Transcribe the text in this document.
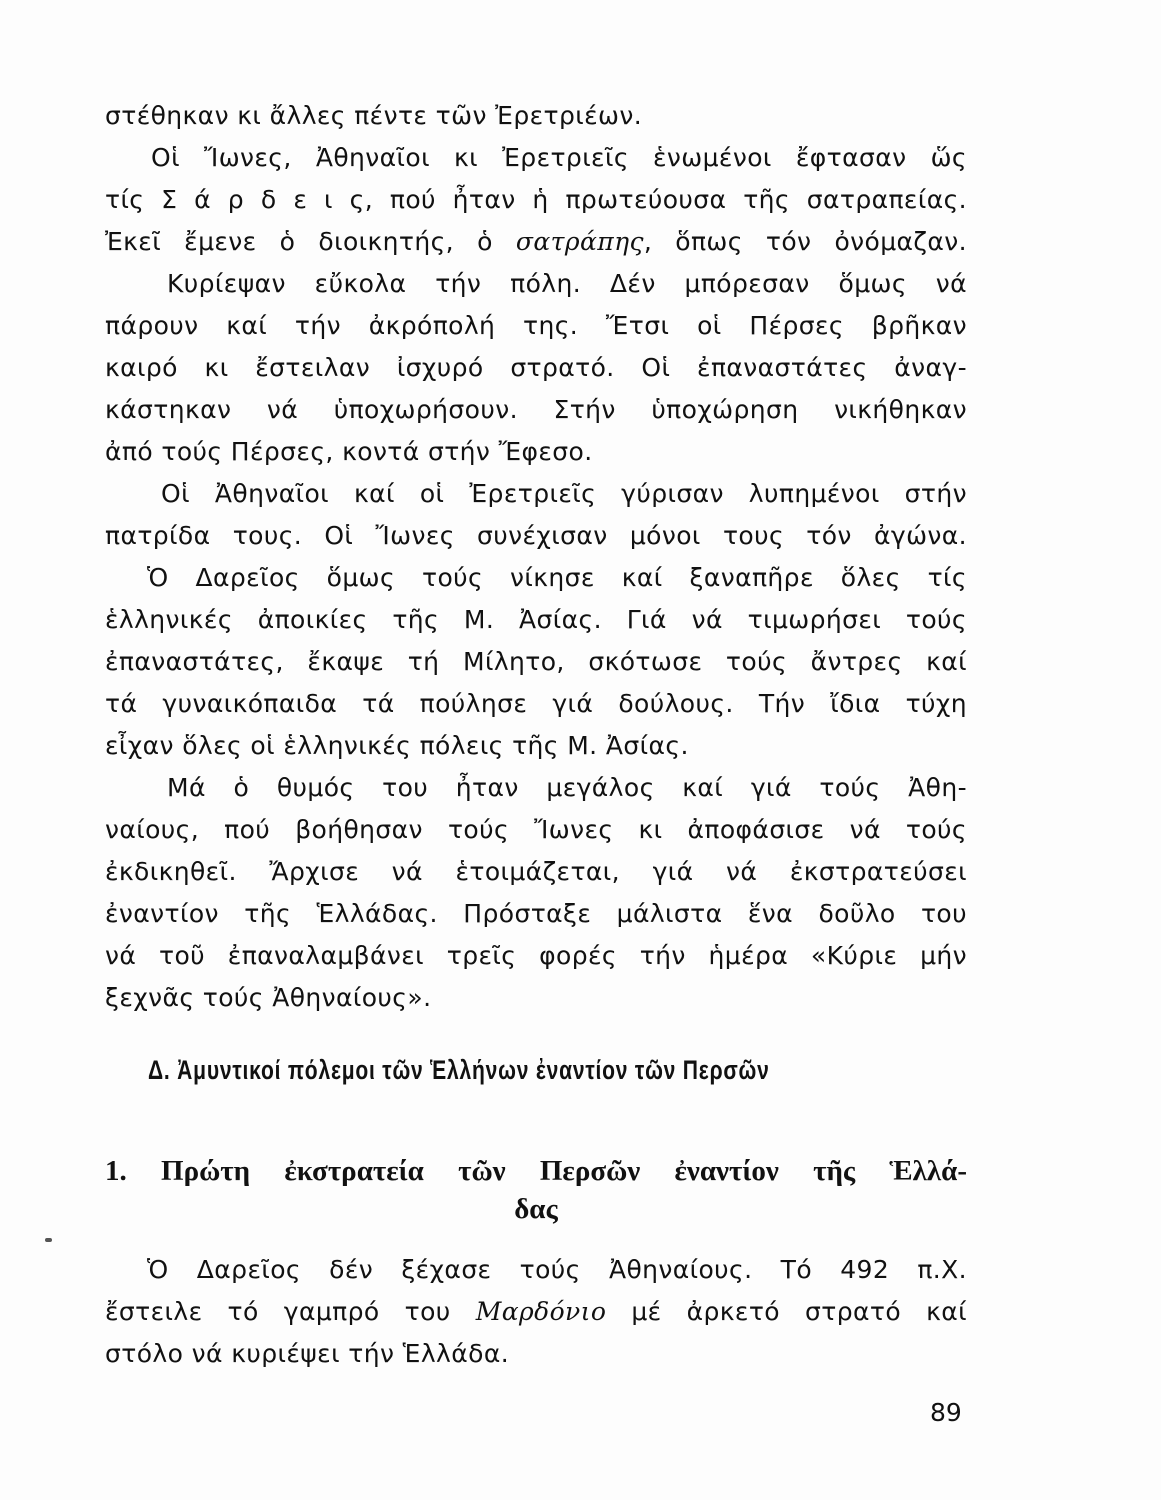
στέθηκαν κι ἄλλες πέντε τῶν Ἐρετριέων.
Οἱ Ἴωνες, Ἀθηναῖοι κι Ἐρετριεῖς ἑνωμένοι ἔφτασαν ὥς
τίς Σ ά ρ δ ε ι ς, πού ἦταν ἡ πρωτεύουσα τῆς σατραπείας.
Ἐκεῖ ἔμενε ὁ διοικητής, ὁ σατράπης, ὅπως τόν ὀνόμαζαν.
Κυρίεψαν εὔκολα τήν πόλη. Δέν μπόρεσαν ὅμως νά
πάρουν καί τήν ἀκρόπολή της. Ἔτσι οἱ Πέρσες βρῆκαν
καιρό κι ἔστειλαν ἰσχυρό στρατό. Οἱ ἐπαναστάτες ἀναγ-
κάστηκαν νά ὑποχωρήσουν. Στήν ὑποχώρηση νικήθηκαν
ἀπό τούς Πέρσες, κοντά στήν Ἔφεσο.
Οἱ Ἀθηναῖοι καί οἱ Ἐρετριεῖς γύρισαν λυπημένοι στήν
πατρίδα τους. Οἱ Ἴωνες συνέχισαν μόνοι τους τόν ἀγώνα.
Ὁ Δαρεῖος ὅμως τούς νίκησε καί ξαναπῆρε ὅλες τίς
ἑλληνικές ἀποικίες τῆς Μ. Ἀσίας. Γιά νά τιμωρήσει τούς
ἐπαναστάτες, ἔκαψε τή Μίλητο, σκότωσε τούς ἄντρες καί
τά γυναικόπαιδα τά πούλησε γιά δούλους. Τήν ἴδια τύχη
εἶχαν ὅλες οἱ ἑλληνικές πόλεις τῆς Μ. Ἀσίας.
Μά ὁ θυμός του ἦταν μεγάλος καί γιά τούς Ἀθη-
ναίους, πού βοήθησαν τούς Ἴωνες κι ἀποφάσισε νά τούς
ἐκδικηθεῖ. Ἄρχισε νά ἑτοιμάζεται, γιά νά ἐκστρατεύσει
ἐναντίον τῆς Ἑλλάδας. Πρόσταξε μάλιστα ἕνα δοῦλο του
νά τοῦ ἐπαναλαμβάνει τρεῖς φορές τήν ἡμέρα «Κύριε μήν
ξεχνᾶς τούς Ἀθηναίους».
Δ. Ἀμυντικοί πόλεμοι τῶν Ἑλλήνων ἐναντίον τῶν Περσῶν
1. Πρώτη ἐκστρατεία τῶν Περσῶν ἐναντίον τῆς Ἑλλά-
δας
Ὁ Δαρεῖος δέν ξέχασε τούς Ἀθηναίους. Τό 492 π.Χ.
ἔστειλε τό γαμπρό του Μαρδόνιο μέ ἀρκετό στρατό καί
στόλο νά κυριέψει τήν Ἑλλάδα.
89
